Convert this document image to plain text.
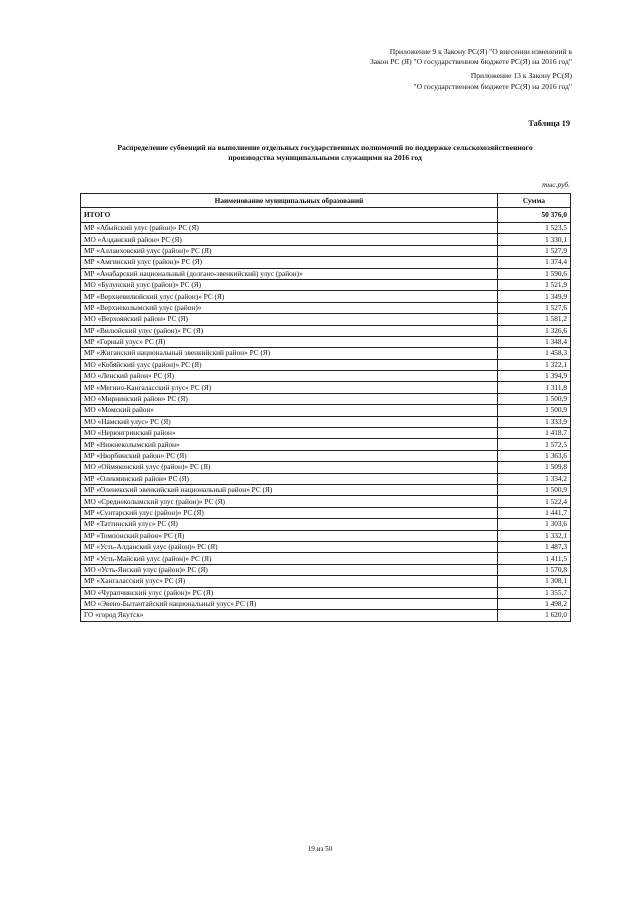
Приложение 9 к Закону РС(Я) "О внесении изменений в
Закон РС (Я) "О государственном бюджете РС(Я) на 2016 год"
Приложение 13 к Закону РС(Я)
"О государственном бюджете РС(Я) на 2016 год"
Таблица 19
Распределение субвенций на выполнение отдельных государственных полномочий по поддержке сельскохозяйственного
производства муниципальными служащими на 2016 год
тыс.руб.
Наименование муниципальных образований	Сумма
ИТОГО	50 376,0
МР «Абыйский улус (район)» РС (Я)	1 523,5
МО «Алданский район» РС (Я)	1 330,1
МР «Аллаиховский улус (район)» РС (Я)	1 527,9
МР «Амгинский улус (район)» РС (Я)	1 374,4
МР «Анабарский национальный (долгано-эвенкийский) улус (район)»	1 590,6
МО «Булунский улус (район)» РС (Я)	1 521,9
МР «Верхневилюйский улус (район)» РС (Я)	1 349,9
МР «Верхнеколымский улус (район)»	1 527,6
МО «Верхоянский район» РС (Я)	1 581,2
МР «Вилюйский улус (район)» РС (Я)	1 326,6
МР «Горный улус» РС (Я)	1 348,4
МР «Жиганский национальный эвенкийский район» РС (Я)	1 458,3
МО «Кобяйский улус (район)» РС (Я)	1 322,1
МО «Ленский район» РС (Я)	1 394,9
МР «Мегино-Кангаласский улус» РС (Я)	1 311,8
МО «Мирнинский район» РС (Я)	1 500,9
МО «Момский район»	1 500,9
МО «Намский улус» РС (Я)	1 333,9
МО «Нерюнгринский район»	1 418,7
МР «Нижнеколымский район»	1 572,5
МР «Нюрбинский район» РС (Я)	1 363,6
МО «Оймяконский улус (район)» РС (Я)	1 509,8
МР «Олекминский район» РС (Я)	1 334,2
МР «Оленекский эвенкийский национальный район» РС (Я)	1 500,9
МО «Среднеколымский улус (район)» РС (Я)	1 522,4
МР «Сунтарский улус (район)» РС (Я)	1 441,7
МР «Таттинский улус» РС (Я)	1 303,6
МР «Томпонский район» РС (Я)	1 332,1
МР «Усть-Алданский улус (район)» РС (Я)	1 487,3
МР «Усть-Майский улус (район)» РС (Я)	1 411,5
МО «Усть-Янский улус (район)» РС (Я)	1 570,8
МР «Хангаласский улус» РС (Я)	1 308,1
МО «Чурапчинский улус (район)» РС (Я)	1 355,7
МО «Эвено-Бытантайский национальный улус» РС (Я)	1 498,2
ГО «город Якутск»	1 620,0
19 из 50
